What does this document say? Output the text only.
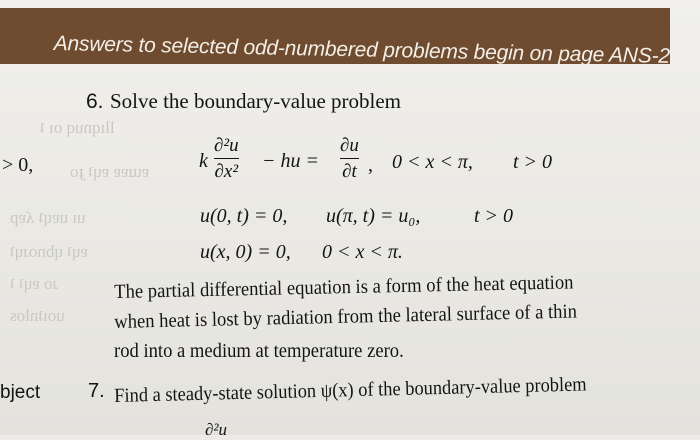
llıqnuq oı ʇ
ɐɯɐɐ ɐɥʇ ɟo
uı uɐɥʇ ʎɐp
ɐɥʇ ɥbnoɹɥʇ
ɹo ɐɥʇ ʇ
uoıʇnlos
Answers to selected odd-numbered problems begin on page ANS-21.
> 0,
bject
6. Solve the boundary-value problem
k
∂²u
∂x² − hu =
∂u
∂t , 0 < x < π, t > 0
u(0, t) = 0, u(π, t) = u₀,	t > 0
u(x, 0) = 0, 0 < x < π.
The partial differential equation is a form of the heat equation
when heat is lost by radiation from the lateral surface of a thin
rod into a medium at temperature zero.
7. Find a steady-state solution ψ(x) of the boundary-value problem
∂²u
